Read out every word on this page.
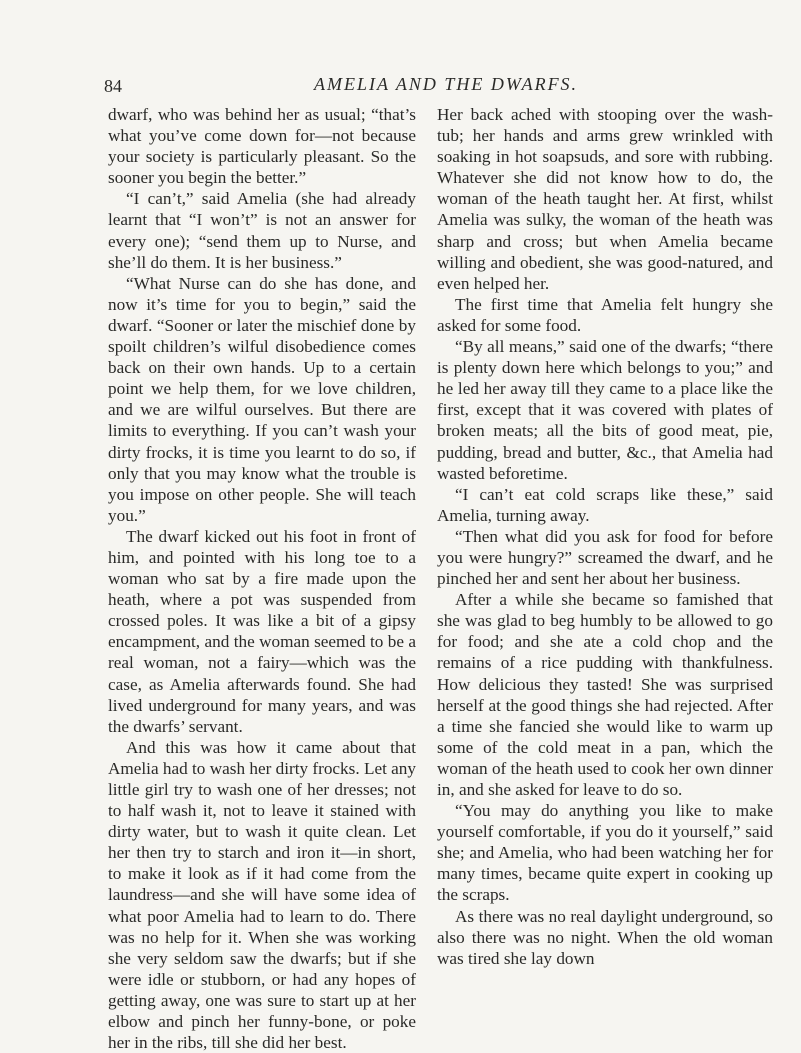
84	AMELIA AND THE DWARFS.

dwarf, who was behind her as usual; “that’s what you’ve come down for—not because your society is particularly pleasant. So the sooner you begin the better.”

“I can’t,” said Amelia (she had already learnt that “I won’t” is not an answer for every one); “send them up to Nurse, and she’ll do them. It is her business.”

“What Nurse can do she has done, and now it’s time for you to begin,” said the dwarf. “Sooner or later the mischief done by spoilt children’s wilful disobedience comes back on their own hands. Up to a certain point we help them, for we love children, and we are wilful ourselves. But there are limits to everything. If you can’t wash your dirty frocks, it is time you learnt to do so, if only that you may know what the trouble is you impose on other people. She will teach you.”

The dwarf kicked out his foot in front of him, and pointed with his long toe to a woman who sat by a fire made upon the heath, where a pot was suspended from crossed poles. It was like a bit of a gipsy encampment, and the woman seemed to be a real woman, not a fairy—which was the case, as Amelia afterwards found. She had lived underground for many years, and was the dwarfs’ servant.

And this was how it came about that Amelia had to wash her dirty frocks. Let any little girl try to wash one of her dresses; not to half wash it, not to leave it stained with dirty water, but to wash it quite clean. Let her then try to starch and iron it—in short, to make it look as if it had come from the laundress—and she will have some idea of what poor Amelia had to learn to do. There was no help for it. When she was working she very seldom saw the dwarfs; but if she were idle or stubborn, or had any hopes of getting away, one was sure to start up at her elbow and pinch her funny-bone, or poke her in the ribs, till she did her best.

Her back ached with stooping over the wash-tub; her hands and arms grew wrinkled with soaking in hot soapsuds, and sore with rubbing. Whatever she did not know how to do, the woman of the heath taught her. At first, whilst Amelia was sulky, the woman of the heath was sharp and cross; but when Amelia became willing and obedient, she was good-natured, and even helped her.

The first time that Amelia felt hungry she asked for some food.

“By all means,” said one of the dwarfs; “there is plenty down here which belongs to you;” and he led her away till they came to a place like the first, except that it was covered with plates of broken meats; all the bits of good meat, pie, pudding, bread and butter, &c., that Amelia had wasted beforetime.

“I can’t eat cold scraps like these,” said Amelia, turning away.

“Then what did you ask for food for before you were hungry?” screamed the dwarf, and he pinched her and sent her about her business.

After a while she became so famished that she was glad to beg humbly to be allowed to go for food; and she ate a cold chop and the remains of a rice pudding with thankfulness. How delicious they tasted! She was surprised herself at the good things she had rejected. After a time she fancied she would like to warm up some of the cold meat in a pan, which the woman of the heath used to cook her own dinner in, and she asked for leave to do so.

“You may do anything you like to make yourself comfortable, if you do it yourself,” said she; and Amelia, who had been watching her for many times, became quite expert in cooking up the scraps.

As there was no real daylight underground, so also there was no night. When the old woman was tired she lay down
